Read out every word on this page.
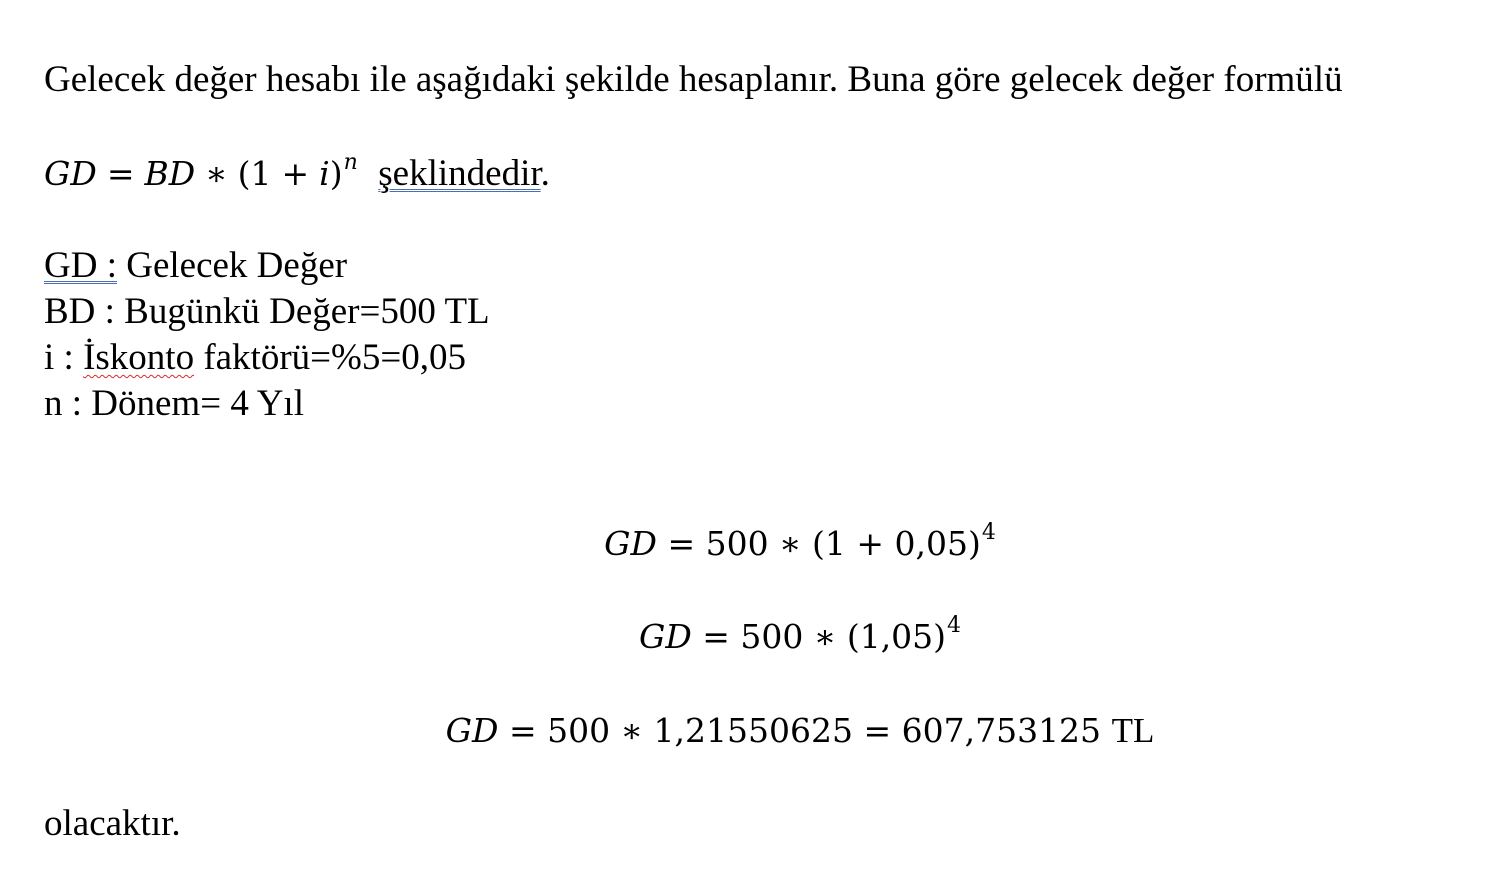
Gelecek değer hesabı ile aşağıdaki şekilde hesaplanır. Buna göre gelecek değer formülü
GD = BD ∗ $(1 + i)^n$ şeklindedir.
GD : Gelecek Değer
BD : Bugünkü Değer=500 TL
i : İskonto faktörü=%5=0,05
n : Dönem= 4 Yıl
GD = 500 ∗ $(1 + 0,05)^4$
GD = 500 ∗ $(1,05)^4$
GD = 500 ∗ 1,21550625 = 607,753125 TL
olacaktır.
